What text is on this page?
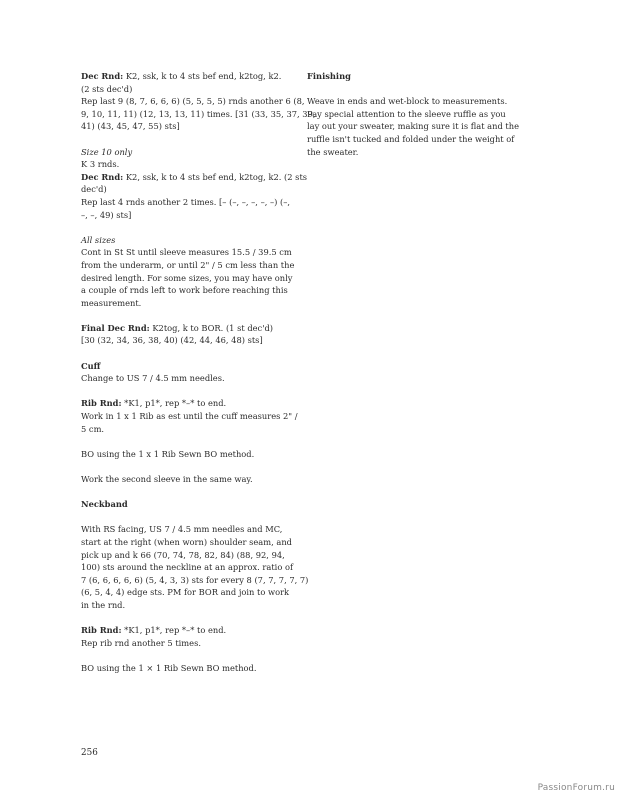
Dec Rnd: K2, ssk, k to 4 sts bef end, k2tog, k2.
(2 sts dec'd)
Rep last 9 (8, 7, 6, 6, 6) (5, 5, 5, 5) rnds another 6 (8,
9, 10, 11, 11) (12, 13, 13, 11) times. [31 (33, 35, 37, 39,
41) (43, 45, 47, 55) sts]
Size 10 only
K 3 rnds.
Dec Rnd: K2, ssk, k to 4 sts bef end, k2tog, k2. (2 sts
dec'd)
Rep last 4 rnds another 2 times. [– (–, –, –, –, –) (–,
–, –, 49) sts]
All sizes
Cont in St St until sleeve measures 15.5 / 39.5 cm
from the underarm, or until 2" / 5 cm less than the
desired length. For some sizes, you may have only
a couple of rnds left to work before reaching this
measurement.
Final Dec Rnd: K2tog, k to BOR. (1 st dec'd)
[30 (32, 34, 36, 38, 40) (42, 44, 46, 48) sts]
Cuff
Change to US 7 / 4.5 mm needles.
Rib Rnd: *K1, p1*, rep *–* to end.
Work in 1 x 1 Rib as est until the cuff measures 2" /
5 cm.
BO using the 1 x 1 Rib Sewn BO method.
Work the second sleeve in the same way.
Neckband
With RS facing, US 7 / 4.5 mm needles and MC,
start at the right (when worn) shoulder seam, and
pick up and k 66 (70, 74, 78, 82, 84) (88, 92, 94,
100) sts around the neckline at an approx. ratio of
7 (6, 6, 6, 6, 6) (5, 4, 3, 3) sts for every 8 (7, 7, 7, 7, 7)
(6, 5, 4, 4) edge sts. PM for BOR and join to work
in the rnd.
Rib Rnd: *K1, p1*, rep *–* to end.
Rep rib rnd another 5 times.
BO using the 1 × 1 Rib Sewn BO method.
Finishing
Weave in ends and wet-block to measurements.
Pay special attention to the sleeve ruffle as you
lay out your sweater, making sure it is flat and the
ruffle isn't tucked and folded under the weight of
the sweater.
256
PassionForum.ru
